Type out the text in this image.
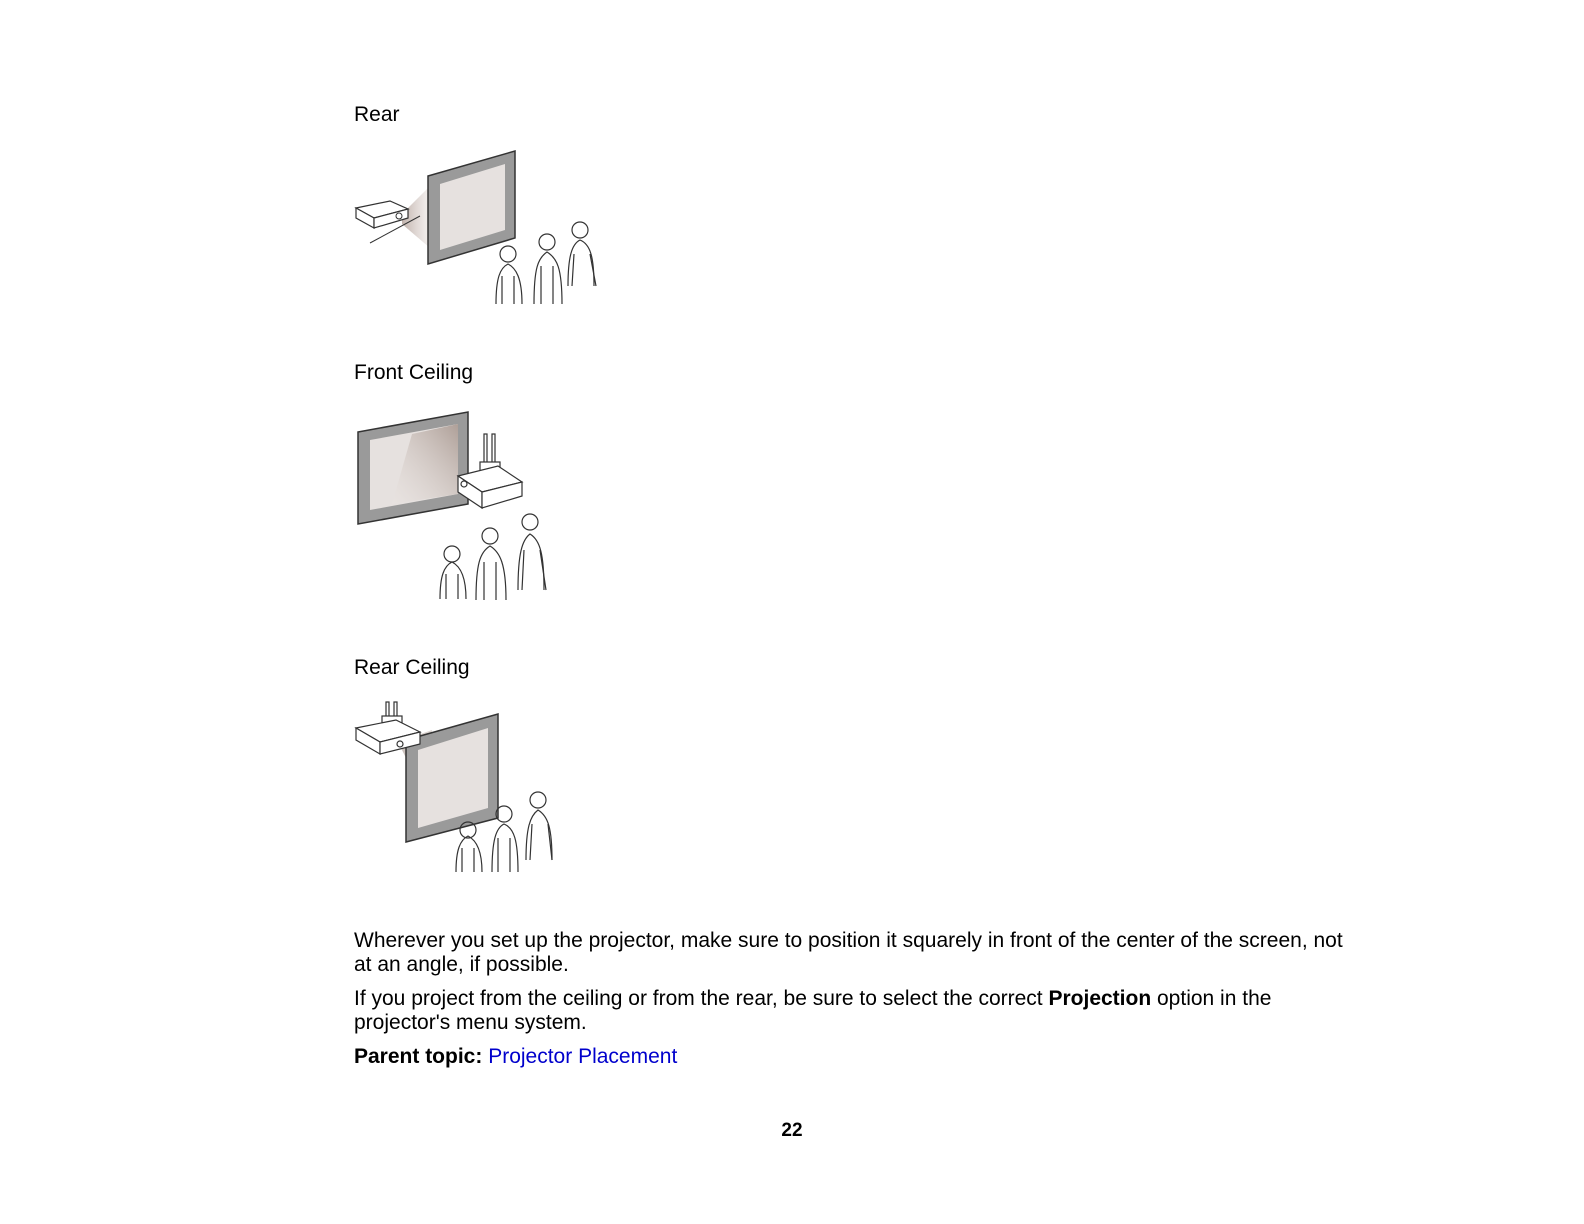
Rear
Front Ceiling
Rear Ceiling

Wherever you set up the projector, make sure to position it squarely in front of the center of the screen, not at an angle, if possible.

If you project from the ceiling or from the rear, be sure to select the correct Projection option in the projector's menu system.

Parent topic: Projector Placement

22
